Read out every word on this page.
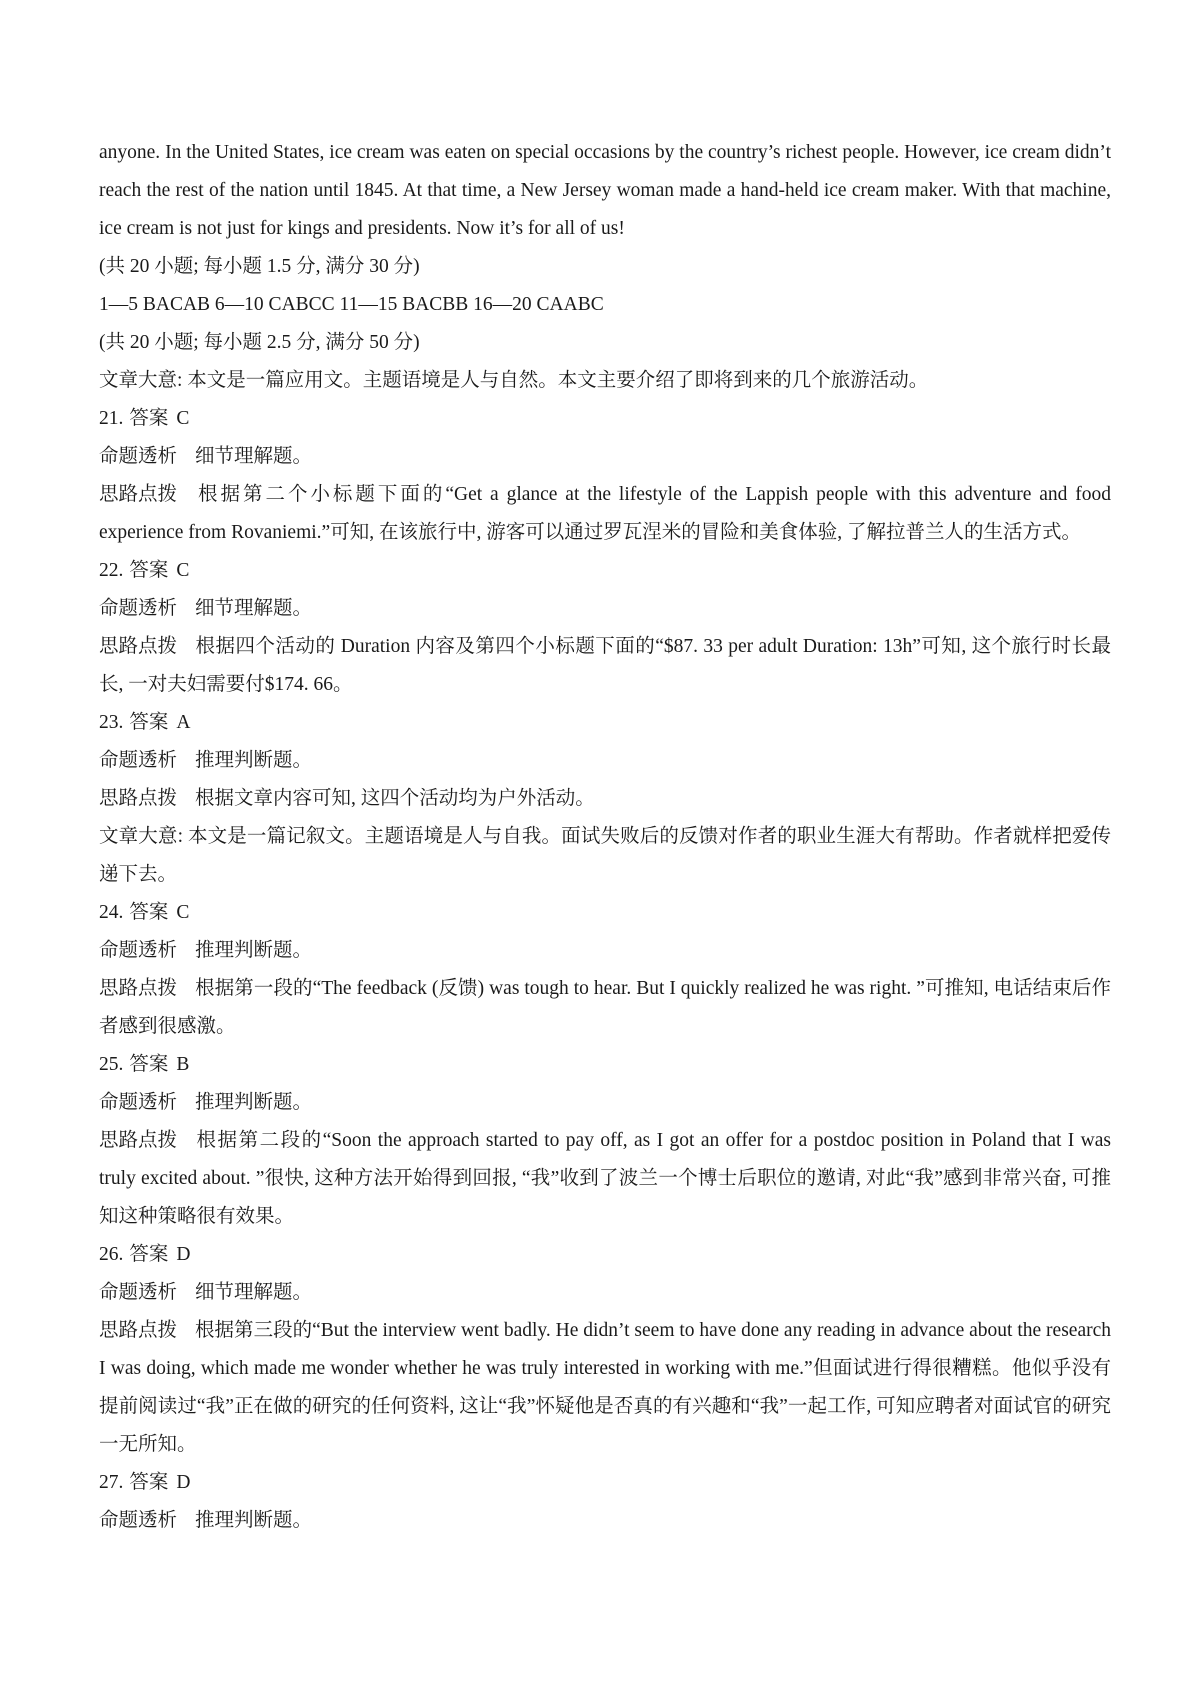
anyone. In the United States, ice cream was eaten on special occasions by the country’s richest people. However, ice cream didn’t reach the rest of the nation until 1845. At that time, a New Jersey woman made a hand-held ice cream maker. With that machine, ice cream is not just for kings and presidents. Now it’s for all of us!

(共 20 小题; 每小题 1.5 分, 满分 30 分)

1—5 BACAB 6—10 CABCC 11—15 BACBB 16—20 CAABC

(共 20 小题; 每小题 2.5 分, 满分 50 分)

文章大意: 本文是一篇应用文。主题语境是人与自然。本文主要介绍了即将到来的几个旅游活动。

21. 答案 C

命题透析 细节理解题。

思路点拨 根据第二个小标题下面的“Get a glance at the lifestyle of the Lappish people with this adventure and food experience from Rovaniemi.”可知, 在该旅行中, 游客可以通过罗瓦涅米的冒险和美食体验, 了解拉普兰人的生活方式。

22. 答案 C

命题透析 细节理解题。

思路点拨 根据四个活动的 Duration 内容及第四个小标题下面的“$87. 33 per adult Duration: 13h”可知, 这个旅行时长最长, 一对夫妇需要付$174. 66。

23. 答案 A

命题透析 推理判断题。

思路点拨 根据文章内容可知, 这四个活动均为户外活动。

文章大意: 本文是一篇记叙文。主题语境是人与自我。面试失败后的反馈对作者的职业生涯大有帮助。作者就样把爱传递下去。

24. 答案 C

命题透析 推理判断题。

思路点拨 根据第一段的“The feedback (反馈) was tough to hear. But I quickly realized he was right. ”可推知, 电话结束后作者感到很感激。

25. 答案 B

命题透析 推理判断题。

思路点拨 根据第二段的“Soon the approach started to pay off, as I got an offer for a postdoc position in Poland that I was truly excited about. ”很快, 这种方法开始得到回报, “我”收到了波兰一个博士后职位的邀请, 对此“我”感到非常兴奋, 可推知这种策略很有效果。

26. 答案 D

命题透析 细节理解题。

思路点拨 根据第三段的“But the interview went badly. He didn’t seem to have done any reading in advance about the research I was doing, which made me wonder whether he was truly interested in working with me.”但面试进行得很糟糕。他似乎没有提前阅读过“我”正在做的研究的任何资料, 这让“我”怀疑他是否真的有兴趣和“我”一起工作, 可知应聘者对面试官的研究一无所知。

27. 答案 D

命题透析 推理判断题。
